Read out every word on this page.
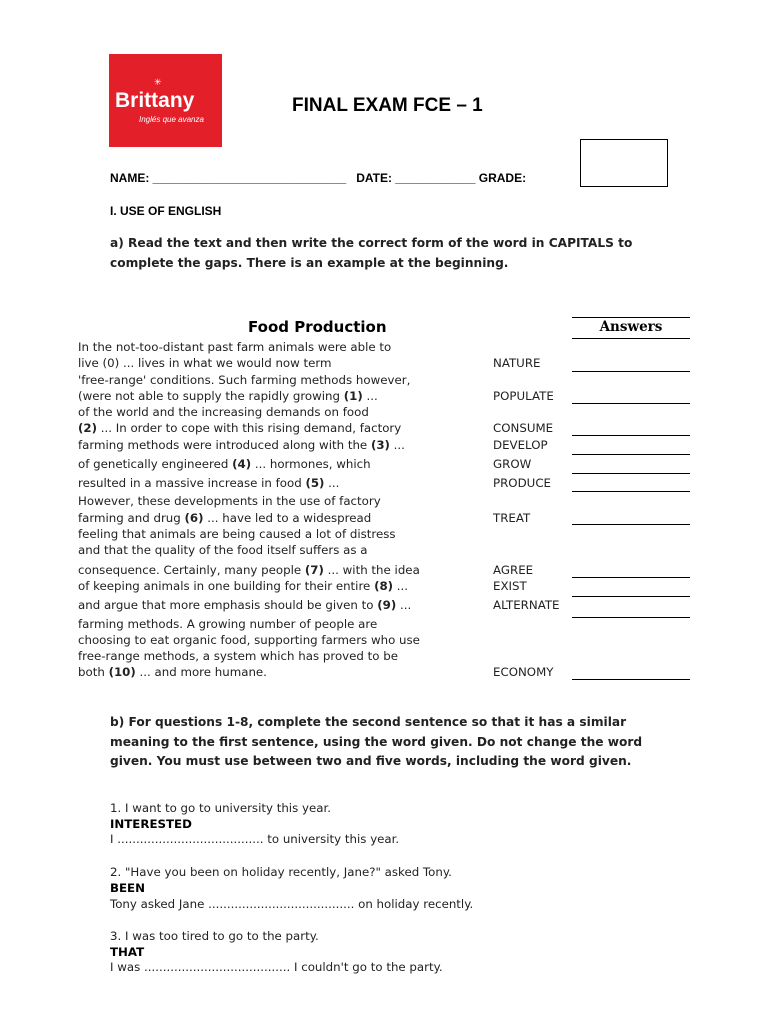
✳
Brittany
Inglés que avanza
FINAL EXAM FCE – 1
NAME: _____________________________   DATE: ____________ GRADE:
I. USE OF ENGLISH
a) Read the text and then write the correct form of the word in CAPITALS to complete the gaps. There is an example at the beginning.
Food Production	Answers
In the not-too-distant past farm animals were able to
live (0) ... lives in what we would now term
'free-range' conditions. Such farming methods however,
(were not able to supply the rapidly growing (1) ...
of the world and the increasing demands on food
(2) ... In order to cope with this rising demand, factory
farming methods were introduced along with the (3) ...
of genetically engineered (4) ... hormones, which
resulted in a massive increase in food (5) ...
However, these developments in the use of factory
farming and drug (6) ... have led to a widespread
feeling that animals are being caused a lot of distress
and that the quality of the food itself suffers as a
consequence. Certainly, many people (7) ... with the idea
of keeping animals in one building for their entire (8) ...
and argue that more emphasis should be given to (9) ...
farming methods. A growing number of people are
choosing to eat organic food, supporting farmers who use
free-range methods, a system which has proved to be
both (10) ... and more humane.
NATURE
POPULATE
CONSUME
DEVELOP
GROW
PRODUCE
TREAT
AGREE
EXIST
ALTERNATE
ECONOMY
b) For questions 1-8, complete the second sentence so that it has a similar meaning to the first sentence, using the word given. Do not change the word given. You must use between two and five words, including the word given.
1. I want to go to university this year.
INTERESTED
I ....................................... to university this year.
2. "Have you been on holiday recently, Jane?" asked Tony.
BEEN
Tony asked Jane ....................................... on holiday recently.
3. I was too tired to go to the party.
THAT
I was ....................................... I couldn't go to the party.
